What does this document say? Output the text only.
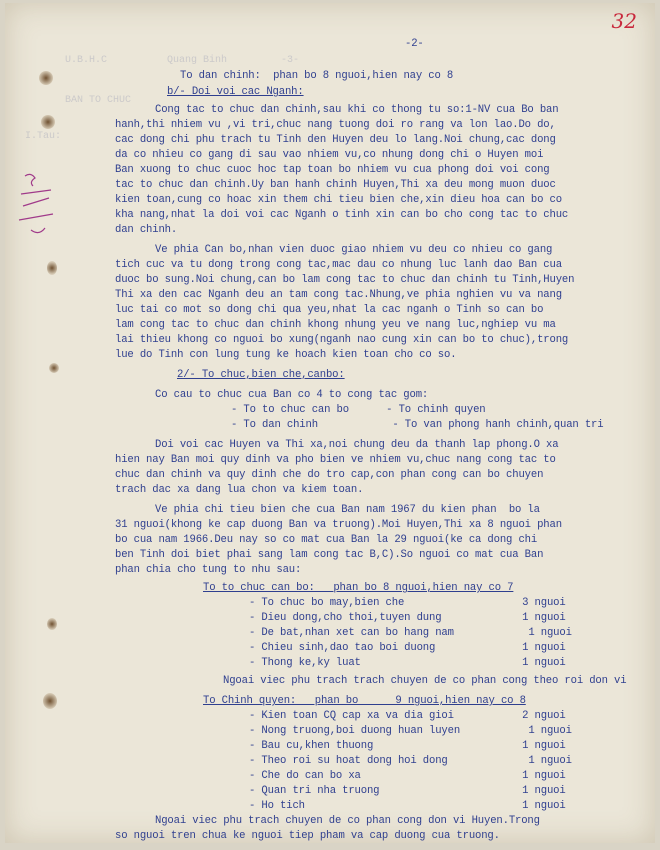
32
-2-
U.B.H.C          Quang Binh         -3-
BAN TO CHUC
I.Tau:
To dan chinh:  phan bo 8 nguoi,hien nay co 8
b/- Doi voi cac Nganh:
Cong tac to chuc dan chinh,sau khi co thong tu so:1-NV cua Bo ban
hanh,thi nhiem vu ,vi tri,chuc nang tuong doi ro rang va lon lao.Do do,
cac dong chi phu trach tu Tinh den Huyen deu lo lang.Noi chung,cac dong
da co nhieu co gang di sau vao nhiem vu,co nhung dong chi o Huyen moi
Ban xuong to chuc cuoc hoc tap toan bo nhiem vu cua phong doi voi cong
tac to chuc dan chinh.Uy ban hanh chinh Huyen,Thi xa deu mong muon duoc
kien toan,cung co hoac xin them chi tieu bien che,xin dieu hoa can bo co
kha nang,nhat la doi voi cac Nganh o tinh xin can bo cho cong tac to chuc
dan chinh.
Ve phia Can bo,nhan vien duoc giao nhiem vu deu co nhieu co gang
tich cuc va tu dong trong cong tac,mac dau co nhung luc lanh dao Ban cua
duoc bo sung.Noi chung,can bo lam cong tac to chuc dan chinh tu Tinh,Huyen
Thi xa den cac Nganh deu an tam cong tac.Nhung,ve phia nghien vu va nang
luc tai co mot so dong chi qua yeu,nhat la cac nganh o Tinh so can bo
lam cong tac to chuc dan chinh khong nhung yeu ve nang luc,nghiep vu ma
lai thieu khong co nguoi bo xung(nganh nao cung xin can bo to chuc),trong
lue do Tinh con lung tung ke hoach kien toan cho co so.
2/- To chuc,bien che,canbo:
Co cau to chuc cua Ban co 4 to cong tac gom:
- To to chuc can bo      - To chinh quyen
- To dan chinh            - To van phong hanh chinh,quan tri
Doi voi cac Huyen va Thi xa,noi chung deu da thanh lap phong.O xa
hien nay Ban moi quy dinh va pho bien ve nhiem vu,chuc nang cong tac to
chuc dan chinh va quy dinh che do tro cap,con phan cong can bo chuyen
trach dac xa dang lua chon va kiem toan.
Ve phia chi tieu bien che cua Ban nam 1967 du kien phan  bo la
31 nguoi(khong ke cap duong Ban va truong).Moi Huyen,Thi xa 8 nguoi phan
bo cua nam 1966.Deu nay so co mat cua Ban la 29 nguoi(ke ca dong chi
ben Tinh doi biet phai sang lam cong tac B,C).So nguoi co mat cua Ban
phan chia cho tung to nhu sau:
To to chuc can bo:   phan bo 8 nguoi,hien nay co 7
- To chuc bo may,bien che                   3 nguoi
- Dieu dong,cho thoi,tuyen dung             1 nguoi
- De bat,nhan xet can bo hang nam            1 nguoi
- Chieu sinh,dao tao boi duong              1 nguoi
- Thong ke,ky luat                          1 nguoi
Ngoai viec phu trach trach chuyen de co phan cong theo roi don vi
To Chinh quyen:   phan bo      9 nguoi,hien nay co 8
- Kien toan CQ cap xa va dia gioi           2 nguoi
- Nong truong,boi duong huan luyen           1 nguoi
- Bau cu,khen thuong                        1 nguoi
- Theo roi su hoat dong hoi dong             1 nguoi
- Che do can bo xa                          1 nguoi
- Quan tri nha truong                       1 nguoi
- Ho tich                                   1 nguoi
Ngoai viec phu trach chuyen de co phan cong don vi Huyen.Trong
so nguoi tren chua ke nguoi tiep pham va cap duong cua truong.
